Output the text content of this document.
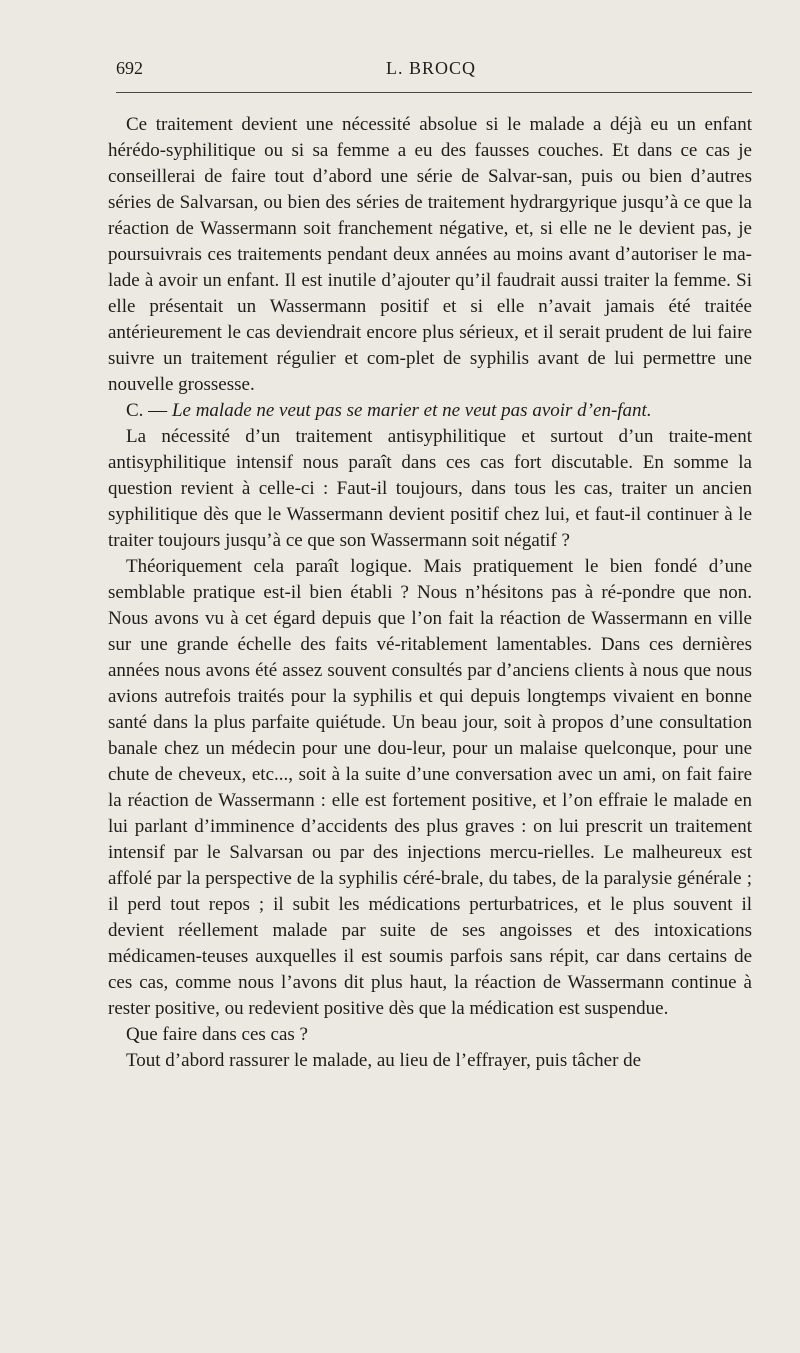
692	L. BROCQ

Ce traitement devient une nécessité absolue si le malade a déjà eu un enfant hérédo-syphilitique ou si sa femme a eu des fausses couches. Et dans ce cas je conseillerai de faire tout d’abord une série de Salvar-san, puis ou bien d’autres séries de Salvarsan, ou bien des séries de traitement hydrargyrique jusqu’à ce que la réaction de Wassermann soit franchement négative, et, si elle ne le devient pas, je poursuivrais ces traitements pendant deux années au moins avant d’autoriser le ma-lade à avoir un enfant. Il est inutile d’ajouter qu’il faudrait aussi traiter la femme. Si elle présentait un Wassermann positif et si elle n’avait jamais été traitée antérieurement le cas deviendrait encore plus sérieux, et il serait prudent de lui faire suivre un traitement régulier et com-plet de syphilis avant de lui permettre une nouvelle grossesse.

C. — Le malade ne veut pas se marier et ne veut pas avoir d’en-fant.

La nécessité d’un traitement antisyphilitique et surtout d’un traite-ment antisyphilitique intensif nous paraît dans ces cas fort discutable. En somme la question revient à celle-ci : Faut-il toujours, dans tous les cas, traiter un ancien syphilitique dès que le Wassermann devient positif chez lui, et faut-il continuer à le traiter toujours jusqu’à ce que son Wassermann soit négatif ?

Théoriquement cela paraît logique. Mais pratiquement le bien fondé d’une semblable pratique est-il bien établi ? Nous n’hésitons pas à ré-pondre que non. Nous avons vu à cet égard depuis que l’on fait la réaction de Wassermann en ville sur une grande échelle des faits vé-ritablement lamentables. Dans ces dernières années nous avons été assez souvent consultés par d’anciens clients à nous que nous avions autrefois traités pour la syphilis et qui depuis longtemps vivaient en bonne santé dans la plus parfaite quiétude. Un beau jour, soit à propos d’une consultation banale chez un médecin pour une dou-leur, pour un malaise quelconque, pour une chute de cheveux, etc..., soit à la suite d’une conversation avec un ami, on fait faire la réaction de Wassermann : elle est fortement positive, et l’on effraie le malade en lui parlant d’imminence d’accidents des plus graves : on lui prescrit un traitement intensif par le Salvarsan ou par des injections mercu-rielles. Le malheureux est affolé par la perspective de la syphilis céré-brale, du tabes, de la paralysie générale ; il perd tout repos ; il subit les médications perturbatrices, et le plus souvent il devient réellement malade par suite de ses angoisses et des intoxications médicamen-teuses auxquelles il est soumis parfois sans répit, car dans certains de ces cas, comme nous l’avons dit plus haut, la réaction de Wassermann continue à rester positive, ou redevient positive dès que la médication est suspendue.

Que faire dans ces cas ?

Tout d’abord rassurer le malade, au lieu de l’effrayer, puis tâcher de
